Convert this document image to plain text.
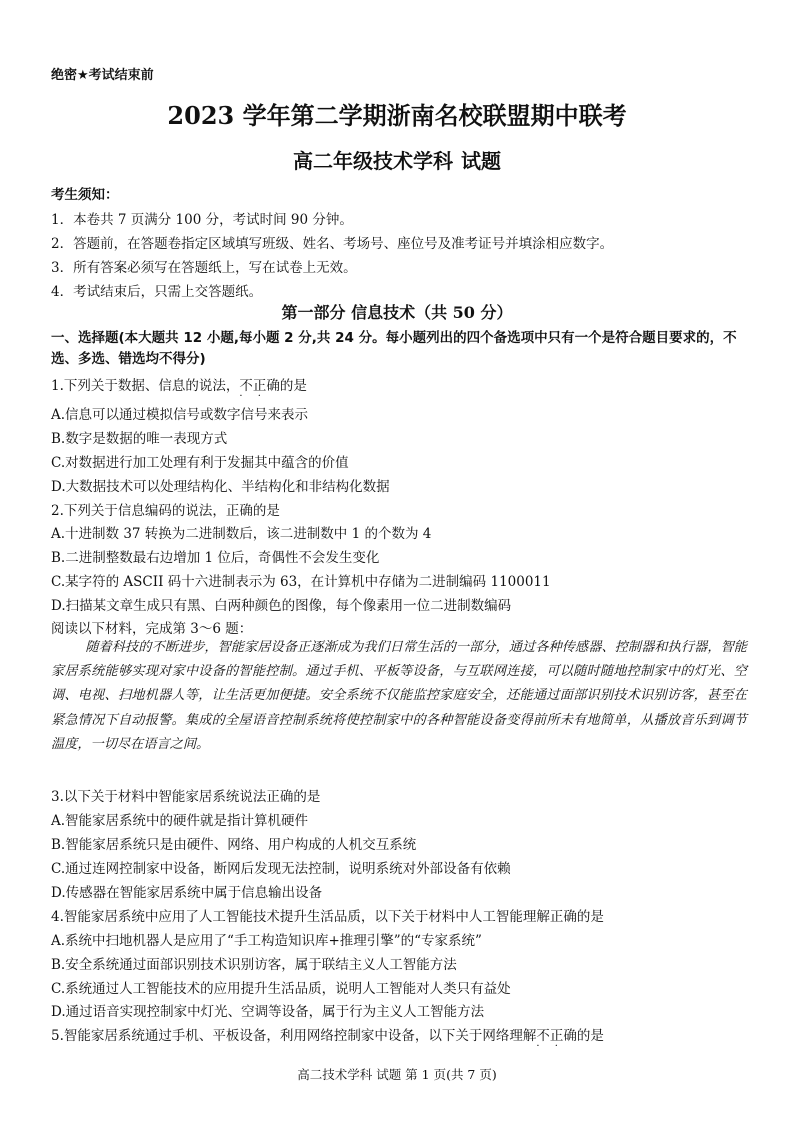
绝密★考试结束前
2023 学年第二学期浙南名校联盟期中联考
高二年级技术学科 试题
考生须知：
1．本卷共 7 页满分 100 分，考试时间 90 分钟。
2．答题前，在答题卷指定区域填写班级、姓名、考场号、座位号及准考证号并填涂相应数字。
3．所有答案必须写在答题纸上，写在试卷上无效。
4．考试结束后，只需上交答题纸。
第一部分 信息技术（共 50 分）
一、选择题(本大题共 12 小题,每小题 2 分,共 24 分。每小题列出的四个备选项中只有一个是符合题目要求的，不选、多选、错选均不得分)
1.下列关于数据、信息的说法，不正 · ·确的是
A.信息可以通过模拟信号或数字信号来表示
B.数字是数据的唯一表现方式
C.对数据进行加工处理有利于发掘其中蕴含的价值
D.大数据技术可以处理结构化、半结构化和非结构化数据
2.下列关于信息编码的说法，正确的是
A.十进制数 37 转换为二进制数后，该二进制数中 1 的个数为 4
B.二进制整数最右边增加 1 位后，奇偶性不会发生变化
C.某字符的 ASCII 码十六进制表示为 63，在计算机中存储为二进制编码 1100011
D.扫描某文章生成只有黑、白两种颜色的图像，每个像素用一位二进制数编码
阅读以下材料，完成第 3～6 题：
随着科技的不断进步，智能家居设备正逐渐成为我们日常生活的一部分，通过各种传感器、控制器和执行器，智能家居系统能够实现对家中设备的智能控制。通过手机、平板等设备，与互联网连接，可以随时随地控制家中的灯光、空调、电视、扫地机器人等，让生活更加便捷。安全系统不仅能监控家庭安全，还能通过面部识别技术识别访客，甚至在紧急情况下自动报警。集成的全屋语音控制系统将使控制家中的各种智能设备变得前所未有地简单，从播放音乐到调节温度，一切尽在语言之间。
3.以下关于材料中智能家居系统说法正确的是
A.智能家居系统中的硬件就是指计算机硬件
B.智能家居系统只是由硬件、网络、用户构成的人机交互系统
C.通过连网控制家中设备，断网后发现无法控制，说明系统对外部设备有依赖
D.传感器在智能家居系统中属于信息输出设备
4.智能家居系统中应用了人工智能技术提升生活品质，以下关于材料中人工智能理解正确的是
A.系统中扫地机器人是应用了“手工构造知识库+推理引擎”的“专家系统”
B.安全系统通过面部识别技术识别访客，属于联结主义人工智能方法
C.系统通过人工智能技术的应用提升生活品质，说明人工智能对人类只有益处
D.通过语音实现控制家中灯光、空调等设备，属于行为主义人工智能方法
5.智能家居系统通过手机、平板设备，利用网络控制家中设备，以下关于网络理解不正 · ·确的是
高二技术学科 试题 第 1 页(共 7 页)
